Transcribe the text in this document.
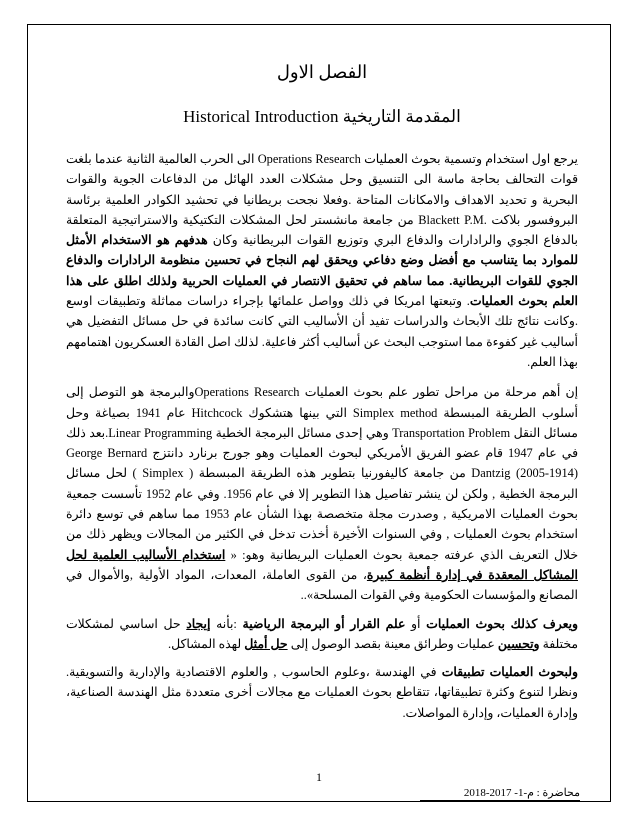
الفصل الاول
المقدمة التاريخية Historical Introduction

يرجع اول استخدام وتسمية بحوث العمليات Operations Research الى الحرب العالمية الثانية عندما بلغت قوات التحالف بحاجة ماسة الى التنسيق وحل مشكلات العدد الهائل من الدفاعات الجوية والقوات البحرية و تحديد الاهداف والامكانات المتاحة .وفعلا نجحت بريطانيا في تحشيد الكوادر العلمية برئاسة البروفسور بلاكت Blackett P.M. من جامعة مانشستر لحل المشكلات التكتيكية والاستراتيجية المتعلقة بالدفاع الجوي والرادارات والدفاع البري وتوزيع القوات البريطانية وكان هدفهم هو الاستخدام الأمثل للموارد بما يتناسب مع أفضل وضع دفاعي ويحقق لهم النجاح في تحسين منظومة الرادارات والدفاع الجوي للقوات البريطانية. مما ساهم في تحقيق الانتصار في العمليات الحربية ولذلك اطلق على هذا العلم بحوث العمليات. وتبعتها امريكا في ذلك وواصل علمائها بإجراء دراسات مماثلة وتطبيقات اوسع .وكانت نتائج تلك الأبحاث والدراسات تفيد أن الأساليب التي كانت سائدة في حل مسائل التفضيل هي أساليب غير كفوءة مما استوجب البحث عن أساليب أكثر فاعلية. لذلك اصل القادة العسكريون اهتمامهم بهذا العلم.

إن أهم مرحلة من مراحل تطور علم بحوث العمليات Operations Researchوالبرمجة هو التوصل إلى أسلوب الطريقة المبسطة Simplex method التي بينها هتشكوك Hitchcock عام 1941 بصياغة وحل مسائل النقل Transportation Problem وهي إحدى مسائل البرمجة الخطية Linear Programming.بعد ذلك في عام 1947 قام عضو الفريق الأمريكي لبحوث العمليات وهو جورج برنارد دانتزج George Bernard Dantzig (2005-1914) من جامعة كاليفورنيا بتطوير هذه الطريقة المبسطة ( Simplex ) لحل مسائل البرمجة الخطية , ولكن لن ينشر تفاصيل هذا التطوير إلا في عام 1956. وفي عام 1952 تأسست جمعية بحوث العمليات الامريكية , وصدرت مجلة متخصصة بهذا الشأن عام 1953 مما ساهم في توسع دائرة استخدام بحوث العمليات , وفي السنوات الأخيرة أخذت تدخل في الكثير من المجالات ويظهر ذلك من خلال التعريف الذي عرفته جمعية بحوث العمليات البريطانية وهو: « استخدام الأساليب العلمية لحل المشاكل المعقدة في إدارة أنظمة كبيرة، من القوى العاملة، المعدات، المواد الأولية ,والأموال في المصانع والمؤسسات الحكومية وفي القوات المسلحة»..

ويعرف كذلك بحوث العمليات أو علم القرار أو البرمجة الرياضية :بأنه إيجاد حل اساسي لمشكلات مختلفة وتحسين عمليات وطرائق معينة بقصد الوصول إلى حل أمثل لهذه المشاكل.

ولبحوث العمليات تطبيقات في الهندسة ،وعلوم الحاسوب , والعلوم الاقتصادية والإدارية والتسويقية. ونظرا لتنوع وكثرة تطبيقاتها، تتقاطع بحوث العمليات مع مجالات أخرى متعددة مثل الهندسة الصناعية، وإدارة العمليات، وإدارة المواصلات.

1
محاضرة : م-1- 2017-2018
